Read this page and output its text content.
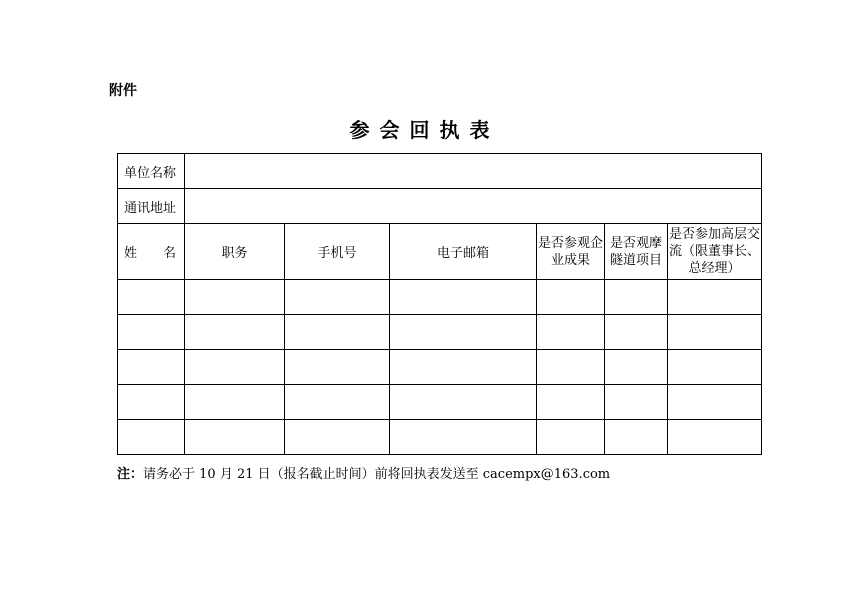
附件
参会回执表
单位名称						
通讯地址						
姓　　名	职务	手机号	电子邮箱	是否参观企业成果	是否观摩隧道项目	是否参加高层交流（限董事长、总经理）

注：请务必于 10 月 21 日（报名截止时间）前将回执表发送至 cacempx@163.com
